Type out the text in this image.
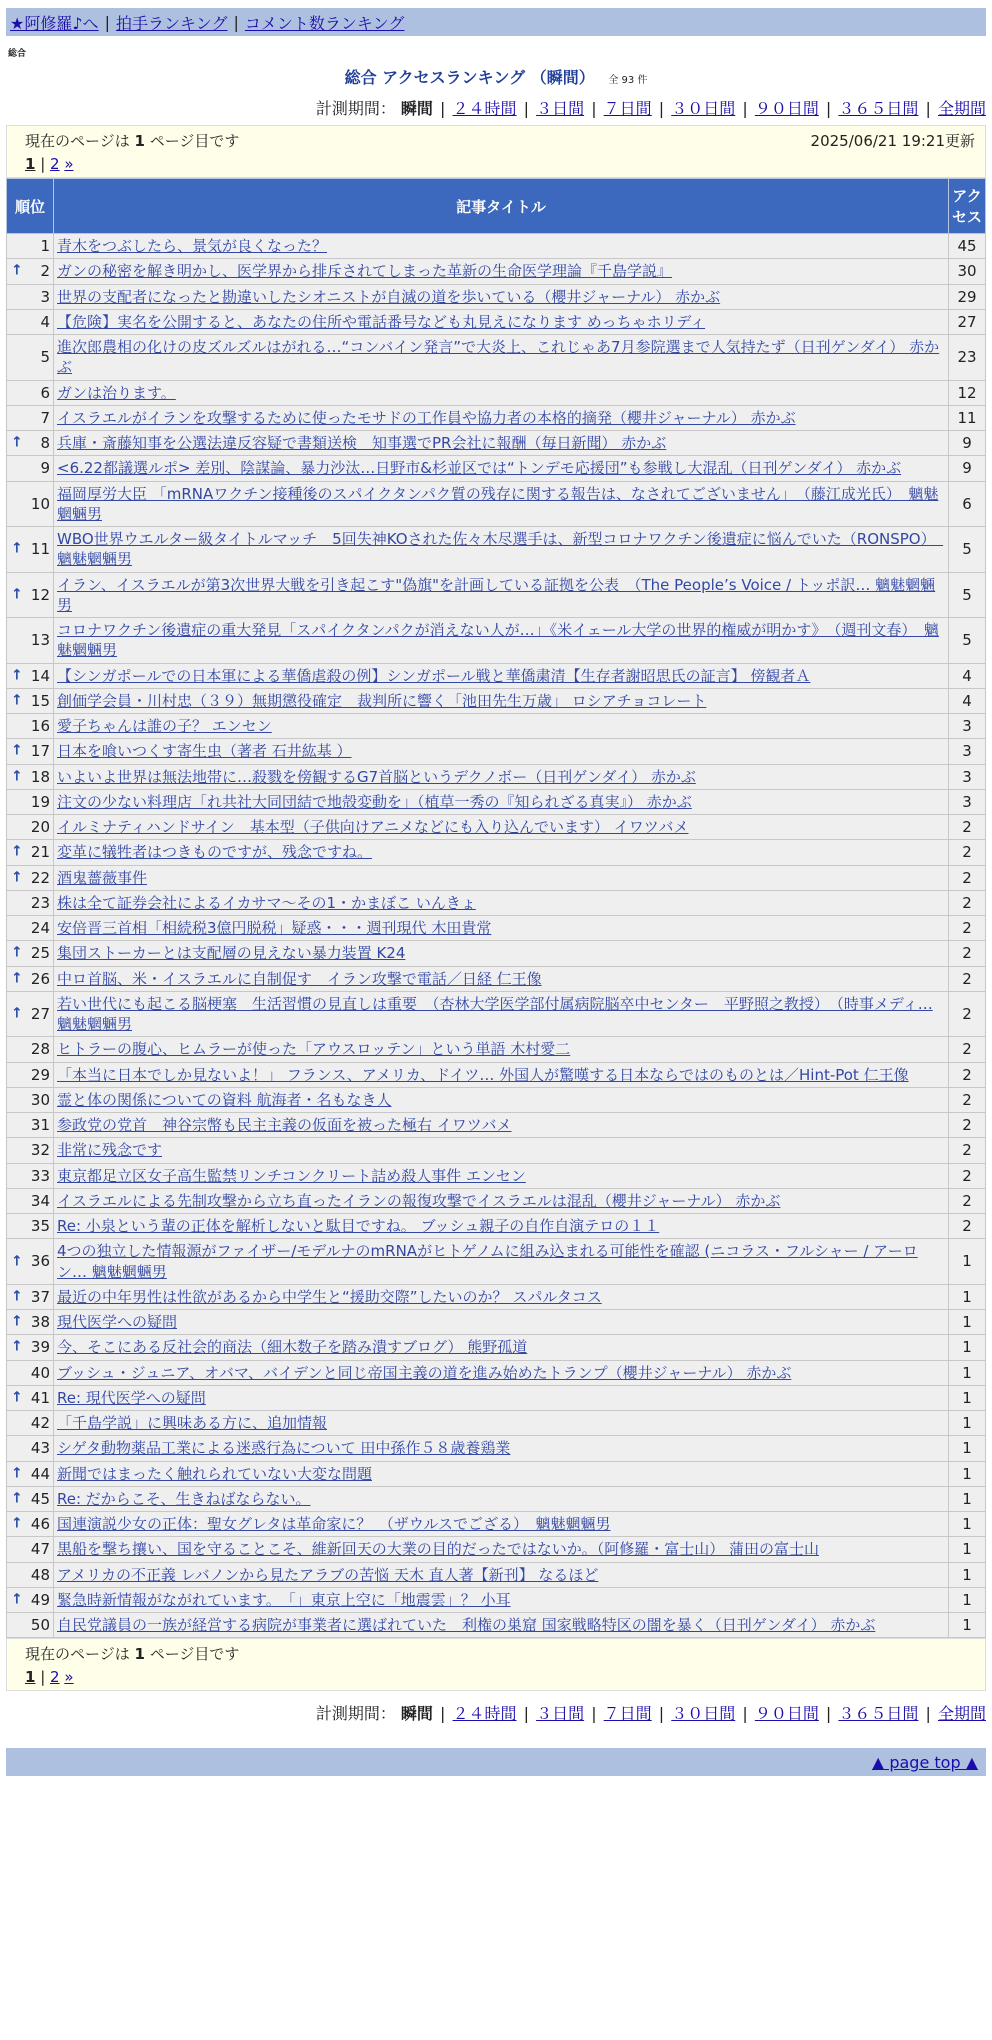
★阿修羅♪へ | 拍手ランキング | コメント数ランキング
総合
総合 アクセスランキング （瞬間） 全 93 件
計測期間： 瞬間 | ２４時間 | ３日間 | ７日間 | ３０日間 | ９０日間 | ３６５日間 | 全期間
現在のページは 1 ページ目です	2025/06/21 19:21更新
1 | 2 »
順位	記事タイトル	アクセス
1	青木をつぶしたら、景気が良くなった？	45

↑ 2	ガンの秘密を解き明かし、医学界から排斥されてしまった革新の生命医学理論『千島学説』	30
3	世界の支配者になったと勘違いしたシオニストが自滅の道を歩いている（櫻井ジャーナル） 赤かぶ	29
4	【危険】実名を公開すると、あなたの住所や電話番号なども丸見えになります めっちゃホリディ	27
5	進次郎農相の化けの皮ズルズルはがれる…“コンバイン発言”で大炎上、これじゃあ7月参院選まで人気持たず（日刊ゲンダイ） 赤かぶ	23
6	ガンは治ります。	12
7	イスラエルがイランを攻撃するために使ったモサドの工作員や協力者の本格的摘発（櫻井ジャーナル） 赤かぶ	11

↑ 8	兵庫・斎藤知事を公選法違反容疑で書類送検　知事選でPR会社に報酬（毎日新聞） 赤かぶ	9
9	<6.22都議選ルポ> 差別、陰謀論、暴力沙汰…日野市&杉並区では“トンデモ応援団”も参戦し大混乱（日刊ゲンダイ） 赤かぶ	9
10	福岡厚労大臣 「mRNAワクチン接種後のスパイクタンパク質の残存に関する報告は、なされてございません」　（藤江成光氏）　魑魅魍魎男	6

↑ 11	WBO世界ウエルター級タイトルマッチ　5回失神KOされた佐々木尽選手は、新型コロナワクチン後遺症に悩んでいた（RONSPO）　魑魅魍魎男	5

↑ 12	イラン、イスラエルが第3次世界大戦を引き起こす"偽旗"を計画している証拠を公表　（The People’s Voice / トッポ訳… 魑魅魍魎男	5
13	コロナワクチン後遺症の重大発見「スパイクタンパクが消えない人が…」《米イェール大学の世界的権威が明かす》　（週刊文春）　魑魅魍魎男	5

↑ 14	【シンガポールでの日本軍による華僑虐殺の例】シンガポール戦と華僑粛清【生存者謝昭思氏の証言】 傍観者Ａ	4

↑ 15	創価学会員・川村忠（３９）無期懲役確定　裁判所に響く「池田先生万歳」 ロシアチョコレート	4
16	愛子ちゃんは誰の子？ エンセン	3

↑ 17	日本を喰いつくす寄生虫（著者 石井紘基 ）	3

↑ 18	いよいよ世界は無法地帯に…殺戮を傍観するG7首脳というデクノボー（日刊ゲンダイ） 赤かぶ	3
19	注文の少ない料理店「れ共社大同団結で地殻変動を」（植草一秀の『知られざる真実』） 赤かぶ	3
20	イルミナティハンドサイン　基本型（子供向けアニメなどにも入り込んでいます） イワツバメ	2

↑ 21	変革に犠牲者はつきものですが、残念ですね。	2

↑ 22	酒鬼薔薇事件	2
23	株は全て証券会社によるイカサマ〜その1・かまぼこ いんきょ	2
24	安倍晋三首相「相続税3億円脱税」疑惑・・・週刊現代 木田貴常	2

↑ 25	集団ストーカーとは支配層の見えない暴力装置 K24	2

↑ 26	中ロ首脳、米・イスラエルに自制促す　イラン攻撃で電話／日経 仁王像	2

↑ 27	若い世代にも起こる脳梗塞　生活習慣の見直しは重要　（杏林大学医学部付属病院脳卒中センター　平野照之教授）　（時事メディ… 魑魅魍魎男	2
28	ヒトラーの腹心、ヒムラーが使った「アウスロッテン」という単語 木村愛二	2
29	「本当に日本でしか見ないよ！」 フランス、アメリカ、ドイツ… 外国人が驚嘆する日本ならではのものとは／Hint-Pot 仁王像	2
30	霊と体の関係についての資料 航海者・名もなき人	2
31	参政党の党首　神谷宗幣も民主主義の仮面を被った極右 イワツバメ	2
32	非常に残念です	2
33	東京都足立区女子高生監禁リンチコンクリート詰め殺人事件 エンセン	2
34	イスラエルによる先制攻撃から立ち直ったイランの報復攻撃でイスラエルは混乱（櫻井ジャーナル） 赤かぶ	2
35	Re: 小泉という輩の正体を解析しないと駄目ですね。 ブッシュ親子の自作自演テロの１１	2

↑ 36	4つの独立した情報源がファイザー/モデルナのmRNAがヒトゲノムに組み込まれる可能性を確認 (ニコラス・フルシャー / アーロン… 魑魅魍魎男	1

↑ 37	最近の中年男性は性欲があるから中学生と“援助交際”したいのか？ スパルタコス	1

↑ 38	現代医学への疑問	1

↑ 39	今、そこにある反社会的商法（細木数子を踏み潰すブログ） 熊野孤道	1
40	ブッシュ・ジュニア、オバマ、バイデンと同じ帝国主義の道を進み始めたトランプ（櫻井ジャーナル） 赤かぶ	1

↑ 41	Re: 現代医学への疑問	1
42	「千島学説」に興味ある方に、追加情報	1
43	シゲタ動物薬品工業による迷惑行為について 田中孫作５８歳養鶏業	1

↑ 44	新聞ではまったく触れられていない大変な問題	1

↑ 45	Re: だからこそ、生きねばならない。	1

↑ 46	国連演説少女の正体：聖女グレタは革命家に？　（ザウルスでござる）　魑魅魍魎男	1
47	黒船を撃ち攘い、国を守ることこそ、維新回天の大業の目的だったではないか。（阿修羅・富士山） 蒲田の富士山	1
48	アメリカの不正義 レバノンから見たアラブの苦悩 天木 直人著【新刊】 なるほど	1

↑ 49	緊急時新情報がながれています。　「」東京上空に「地震雲」？ 小耳	1
50	自民党議員の一族が経営する病院が事業者に選ばれていた　利権の巣窟 国家戦略特区の闇を暴く（日刊ゲンダイ） 赤かぶ	1
現在のページは 1 ページ目です
1 | 2 »
計測期間： 瞬間 | ２４時間 | ３日間 | ７日間 | ３０日間 | ９０日間 | ３６５日間 | 全期間
▲ page top ▲
